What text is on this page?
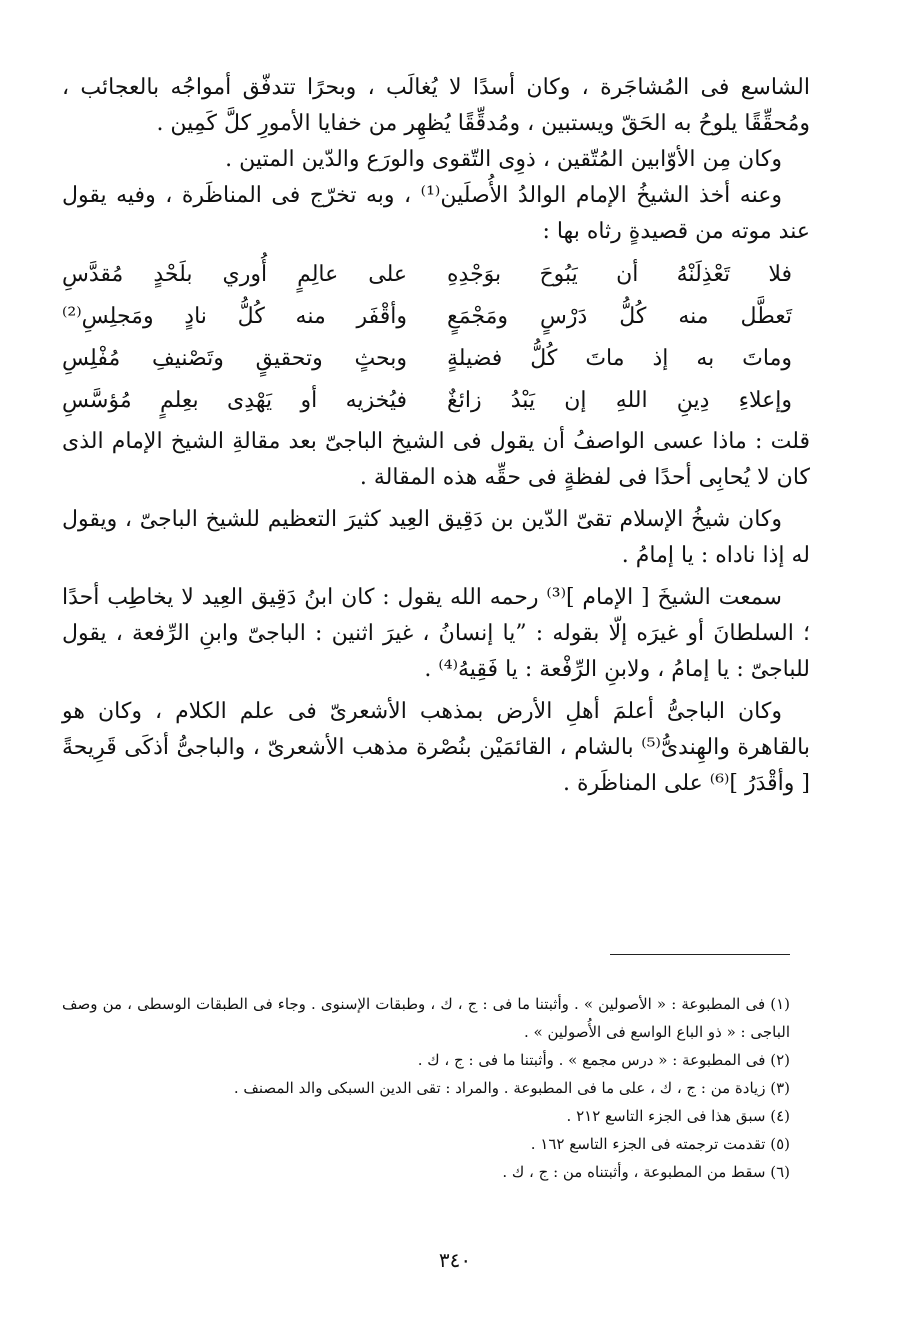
الشاسع فى المُشاجَرة ، وكان أسدًا لا يُغالَب ، وبحرًا تتدفّق أمواجُه بالعجائب ، ومُحقِّقًا يلوحُ به الحَقّ ويستبين ، ومُدقِّقًا يُظهِر من خفايا الأمورِ كلَّ كَمِين .

وكان مِن الأوّابين المُتّقين ، ذوِى التّقوى والورَع والدّين المتين .

وعنه أخذ الشيخُ الإمام الوالدُ الأُصلَين⁽¹⁾ ، وبه تخرّج فى المناظَرة ، وفيه يقول عند موته من قصيدةٍ رثاه بها :

فلا تَعْذِلَنْهُ أن يَبُوحَ بوَجْدِهِ
على عالِمٍ أُوري بلَحْدٍ مُقدَّسِ
تَعطَّل منه كُلُّ دَرْسٍ ومَجْمَعٍ
وأقْفَر منه كُلُّ نادٍ ومَجلِسِ⁽²⁾
وماتَ به إذ ماتَ كُلُّ فضيلةٍ
وبحثٍ وتحقيقٍ وتَصْنيفِ مُفْلِسِ
وإعلاءِ دِينِ اللهِ إن يَبْدُ زائغٌ
فيُخزيه أو يَهْدِى بعِلمٍ مُؤسَّسِ

قلت : ماذا عسى الواصفُ أن يقول فى الشيخ الباجىّ بعد مقالةِ الشيخ الإمام الذى كان لا يُحابِى أحدًا فى لفظةٍ فى حقِّه هذه المقالة .

وكان شيخُ الإسلام تقىّ الدّين بن دَقِيق العِيد كثيرَ التعظيم للشيخ الباجىّ ، ويقول له إذا ناداه : يا إمامُ .

سمعت الشيخَ [ الإمام ]⁽³⁾ رحمه الله يقول : كان ابنُ دَقِيق العِيد لا يخاطِب أحدًا ؛ السلطانَ أو غيرَه إلّا بقوله : ”يا إنسانُ ، غيرَ اثنين : الباجىّ وابنِ الرِّفعة ، يقول للباجىّ : يا إمامُ ، ولابنِ الرِّفْعة : يا فَقِيهُ⁽⁴⁾ .

وكان الباجىُّ أعلمَ أهلِ الأرض بمذهب الأشعرىّ فى علم الكلام ، وكان هو بالقاهرة والهِندىُّ⁽⁵⁾ بالشام ، القائمَيْن بنُصْرة مذهب الأشعرىّ ، والباجىُّ أذكَى قَرِيحةً [ وأقْدَرُ ]⁽⁶⁾ على المناظَرة .

(١) فى المطبوعة : « الأصولين » . وأثبتنا ما فى : ج ، ك ، وطبقات الإسنوى . وجاء فى الطبقات الوسطى ، من وصف الباجى : « ذو الباع الواسع فى الأُصولين » .

(٢) فى المطبوعة : « درس مجمع » . وأثبتنا ما فى : ج ، ك .

(٣) زيادة من : ج ، ك ، على ما فى المطبوعة . والمراد : تقى الدين السبكى والد المصنف .

(٤) سبق هذا فى الجزء التاسع ٢١٢ .

(٥) تقدمت ترجمته فى الجزء التاسع ١٦٢ .

(٦) سقط من المطبوعة ، وأثبتناه من : ج ، ك .

٣٤٠
